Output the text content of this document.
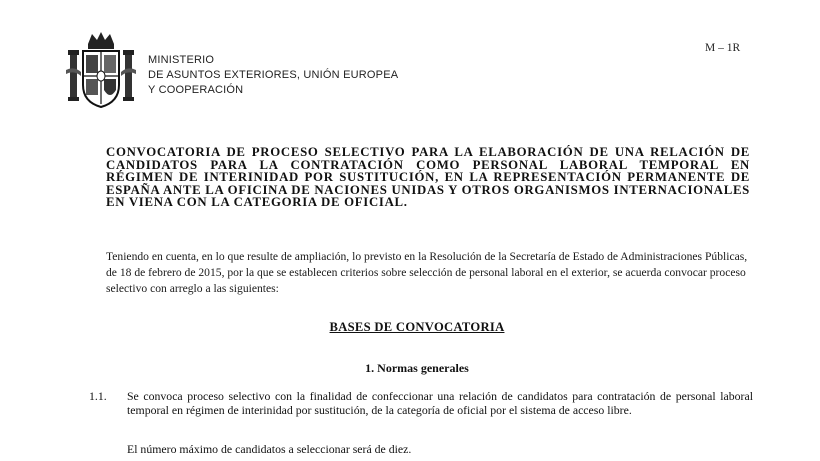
MINISTERIO
DE ASUNTOS EXTERIORES, UNIÓN EUROPEA
Y COOPERACIÓN
M – 1R

CONVOCATORIA DE PROCESO SELECTIVO PARA LA ELABORACIÓN DE UNA RELACIÓN DE CANDIDATOS PARA LA CONTRATACIÓN COMO PERSONAL LABORAL TEMPORAL EN RÉGIMEN DE INTERINIDAD POR SUSTITUCIÓN, EN LA REPRESENTACIÓN PERMANENTE DE ESPAÑA ANTE LA OFICINA DE NACIONES UNIDAS Y OTROS ORGANISMOS INTERNACIONALES EN VIENA CON LA CATEGORIA DE OFICIAL.

Teniendo en cuenta, en lo que resulte de ampliación, lo previsto en la Resolución de la Secretaría de Estado de Administraciones Públicas, de 18 de febrero de 2015, por la que se establecen criterios sobre selección de personal laboral en el exterior, se acuerda convocar proceso selectivo con arreglo a las siguientes:

BASES DE CONVOCATORIA
1. Normas generales
1.1. Se convoca proceso selectivo con la finalidad de confeccionar una relación de candidatos para contratación de personal laboral temporal en régimen de interinidad por sustitución, de la categoría de oficial por el sistema de acceso libre.

El número máximo de candidatos a seleccionar será de diez.
